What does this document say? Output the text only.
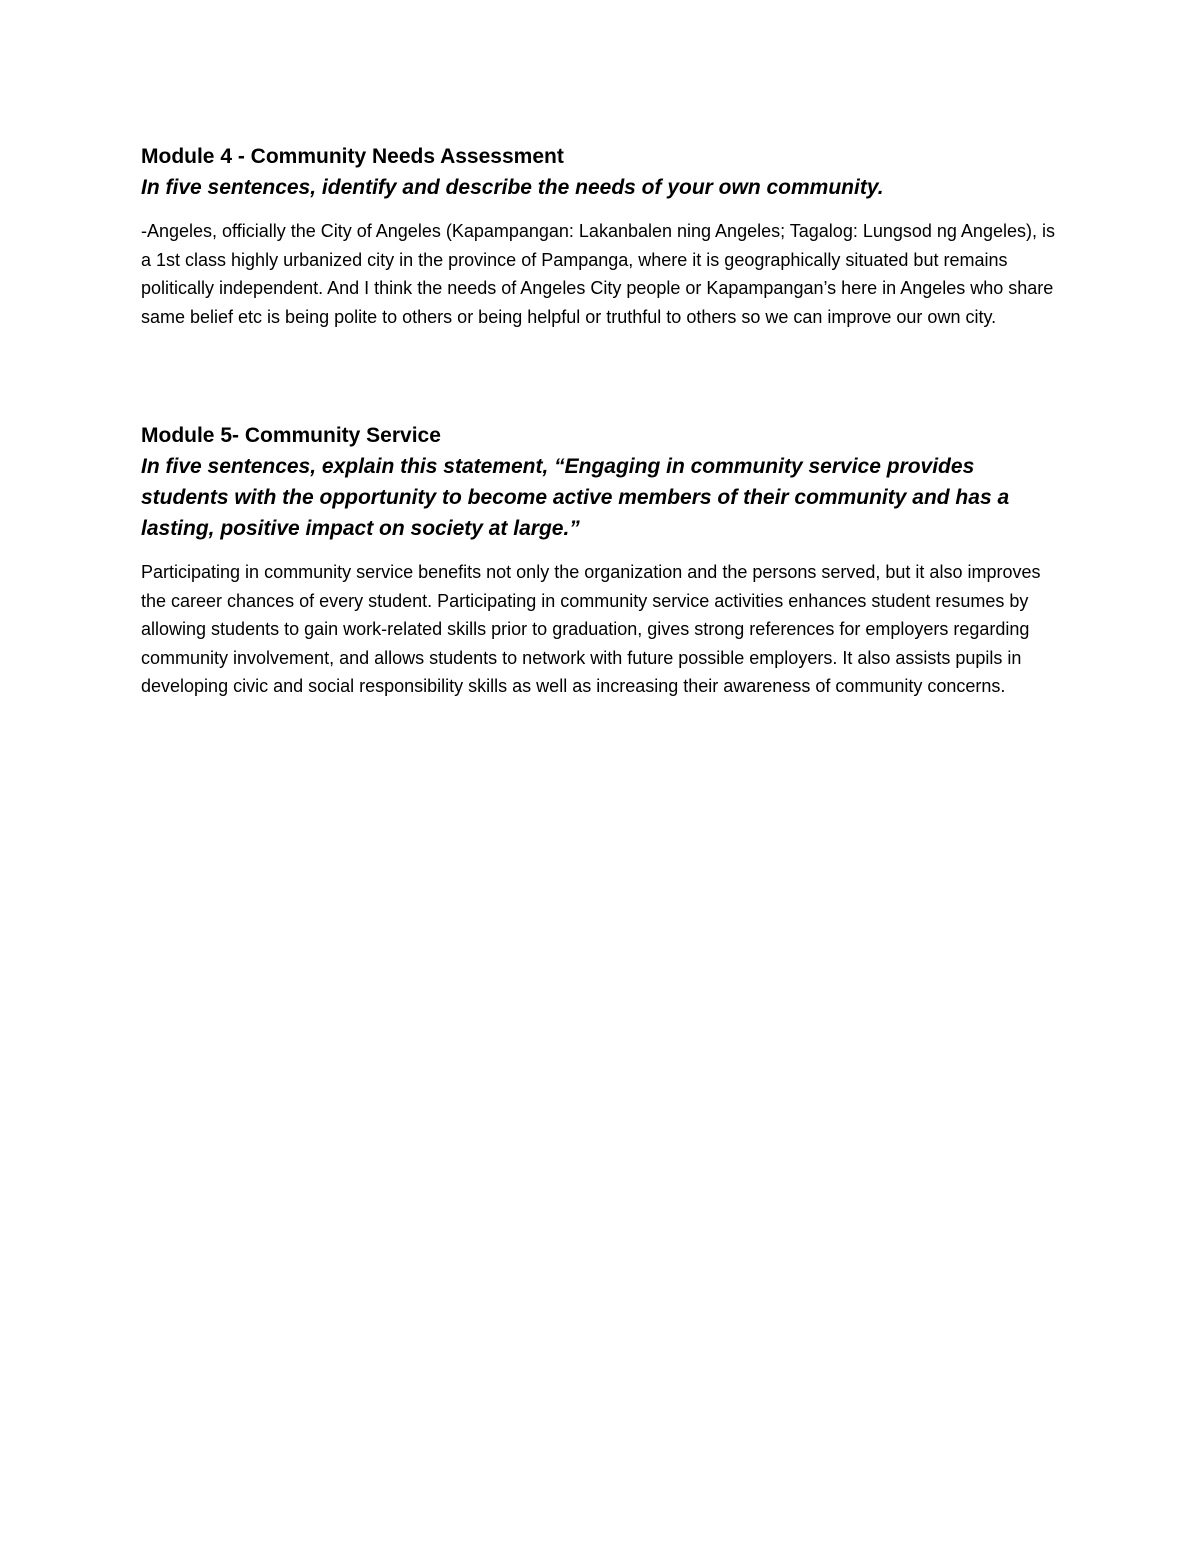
Module 4 - Community Needs Assessment

In five sentences, identify and describe the needs of your own community.

-Angeles, officially the City of Angeles (Kapampangan: Lakanbalen ning Angeles; Tagalog: Lungsod ng Angeles), is a 1st class highly urbanized city in the province of Pampanga, where it is geographically situated but remains politically independent. And I think the needs of Angeles City people or Kapampangan’s here in Angeles who share same belief etc is being polite to others or being helpful or truthful to others so we can improve our own city.

Module 5- Community Service

In five sentences, explain this statement, “Engaging in community service provides students with the opportunity to become active members of their community and has a lasting, positive impact on society at large.”

Participating in community service benefits not only the organization and the persons served, but it also improves the career chances of every student. Participating in community service activities enhances student resumes by allowing students to gain work-related skills prior to graduation, gives strong references for employers regarding community involvement, and allows students to network with future possible employers. It also assists pupils in developing civic and social responsibility skills as well as increasing their awareness of community concerns.
